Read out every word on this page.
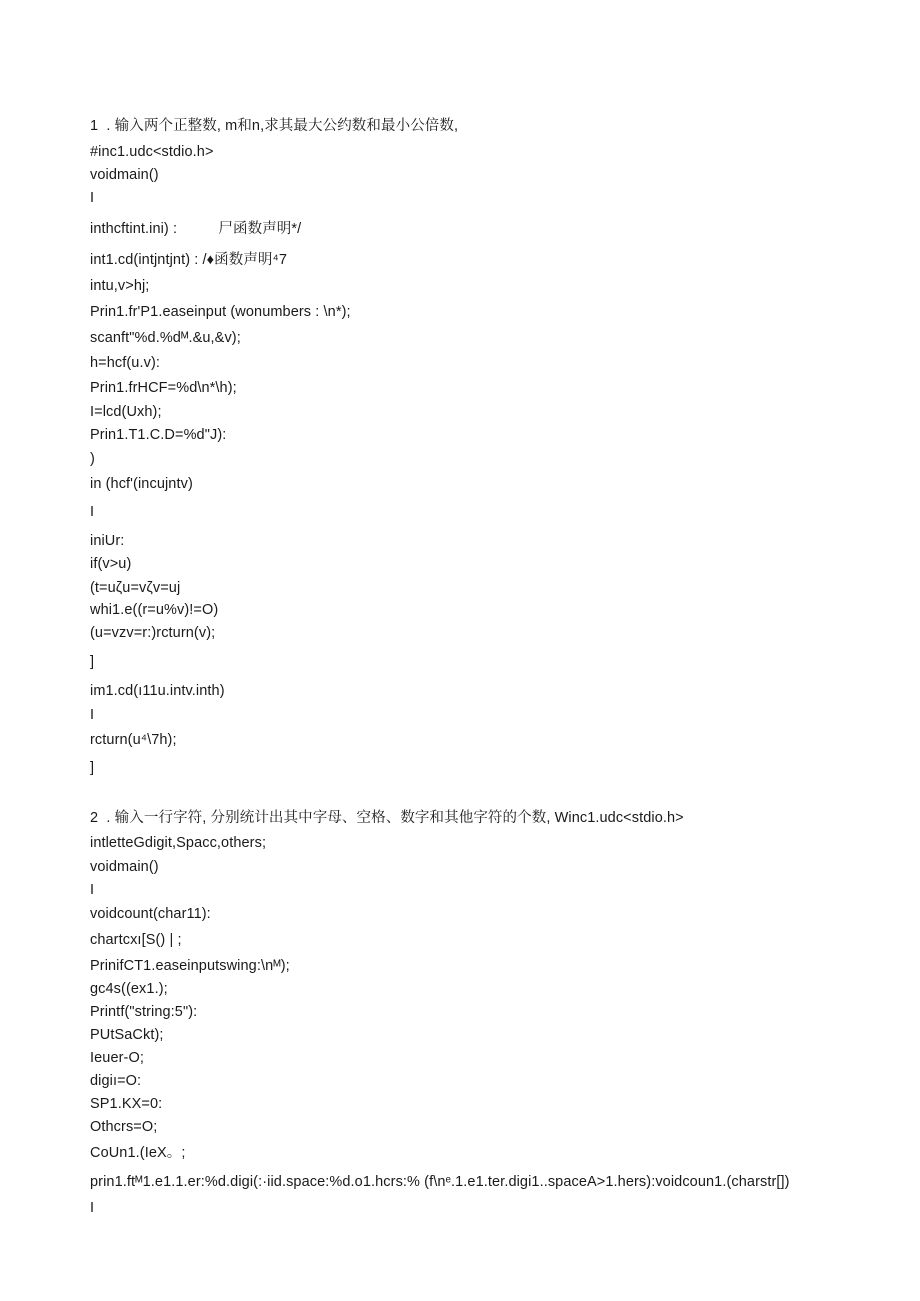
1  . 输入两个正整数, m和n,求其最大公约数和最小公倍数,
#inc1.udc<stdio.h>
voidmain()
I
inthcftint.ini) :          尸函数声明*/
int1.cd(intjntjnt) : /♦函数声明⁴7
intu,v>hj;
Prin1.fr'P1.easeinput (wonumbers : \n*);
scanft"%d.%dᴹ.&u,&v);
h=hcf(u.v):
Prin1.frHCF=%d\n*\h);
I=lcd(Uxh);
Prin1.T1.C.D=%d"J):
)
in (hcf'(incujntv)
I
iniUr:
if(v>u)
(t=uζu=vζv=uj
whi1.e((r=u%v)!=O)
(u=vzv=r:)rcturn(v);
]
im1.cd(ı11u.intv.inth)
I
rcturn(u⁴\7h);
]
2  . 输入一行字符, 分别统计出其中字母、空格、数字和其他字符的个数, Winc1.udc<stdio.h>
intletteGdigit,Spacc,others;
voidmain()
I
voidcount(char11):
chartcxı[S() | ;
PrinifCT1.easeinputswing:\nᴹ);
gc4s((ex1.);
Printf("string:5"):
PUtSaCkt);
Ieuer-O;
digiı=O:
SP1.KX=0:
Othcrs=O;
CoUn1.(IeX。;
prin1.ftᴹ1.e1.1.er:%d.digi(:·iid.space:%d.o1.hcrs:% (f\nᵉ.1.e1.ter.digi1..spaceA>1.hers):voidcoun1.(charstr[])
I
